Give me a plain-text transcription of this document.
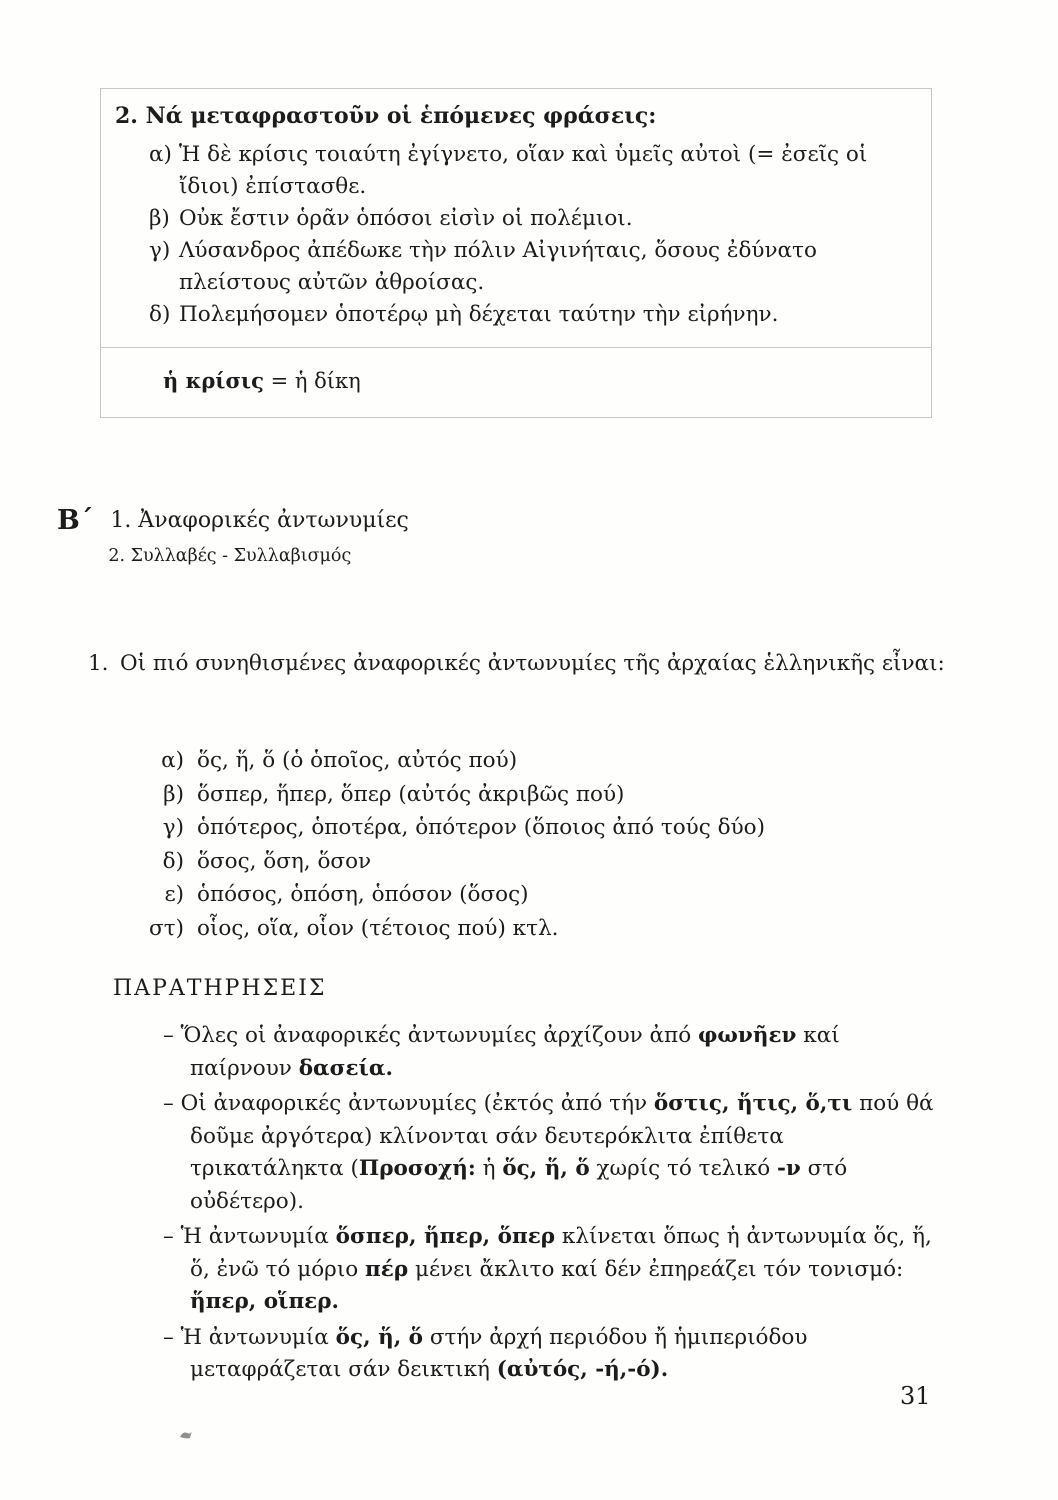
2. Νά μεταφραστοῦν οἱ ἑπόμενες φράσεις:
α) Ἡ δὲ κρίσις τοιαύτη ἐγίγνετο, οἵαν καὶ ὑμεῖς αὐτοὶ (= ἐσεῖς οἱ ἴδιοι) ἐπίστασθε.
β) Οὐκ ἔστιν ὁρᾶν ὁπόσοι εἰσὶν οἱ πολέμιοι.
γ) Λύσανδρος ἀπέδωκε τὴν πόλιν Αἰγινήταις, ὅσους ἐδύνατο πλείστους αὐτῶν ἀθροίσας.
δ) Πολεμήσομεν ὁποτέρῳ μὴ δέχεται ταύτην τὴν εἰρήνην.
ἡ κρίσις = ἡ δίκη
Β΄ 1. Ἀναφορικές ἀντωνυμίες
2. Συλλαβές - Συλλαβισμός
1. Οἱ πιό συνηθισμένες ἀναφορικές ἀντωνυμίες τῆς ἀρχαίας ἑλληνικῆς εἶναι:
α) ὅς, ἥ, ὅ (ὁ ὁποῖος, αὐτός πού)
β) ὅσπερ, ἥπερ, ὅπερ (αὐτός ἀκριβῶς πού)
γ) ὁπότερος, ὁποτέρα, ὁπότερον (ὅποιος ἀπό τούς δύο)
δ) ὅσος, ὅση, ὅσον
ε) ὁπόσος, ὁπόση, ὁπόσον (ὅσος)
στ) οἷος, οἵα, οἷον (τέτοιος πού) κτλ.
ΠΑΡΑΤΗΡΗΣΕΙΣ
– Ὅλες οἱ ἀναφορικές ἀντωνυμίες ἀρχίζουν ἀπό φωνῆεν καί παίρνουν δασεία.
– Οἱ ἀναφορικές ἀντωνυμίες (ἐκτός ἀπό τήν ὅστις, ἥτις, ὅ,τι πού θά δοῦμε ἀργότερα) κλίνονται σάν δευτερόκλιτα ἐπίθετα τρικατάληκτα (Προσοχή: ἡ ὅς, ἥ, ὅ χωρίς τό τελικό -ν στό οὐδέτερο).
– Ἡ ἀντωνυμία ὅσπερ, ἥπερ, ὅπερ κλίνεται ὅπως ἡ ἀντωνυμία ὅς, ἥ, ὅ, ἐνῶ τό μόριο πέρ μένει ἄκλιτο καί δέν ἐπηρεάζει τόν τονισμό: ἥπερ, οἵπερ.
– Ἡ ἀντωνυμία ὅς, ἥ, ὅ στήν ἀρχή περιόδου ἤ ἡμιπεριόδου μεταφράζεται σάν δεικτική (αὐτός, -ή,-ό).
31
